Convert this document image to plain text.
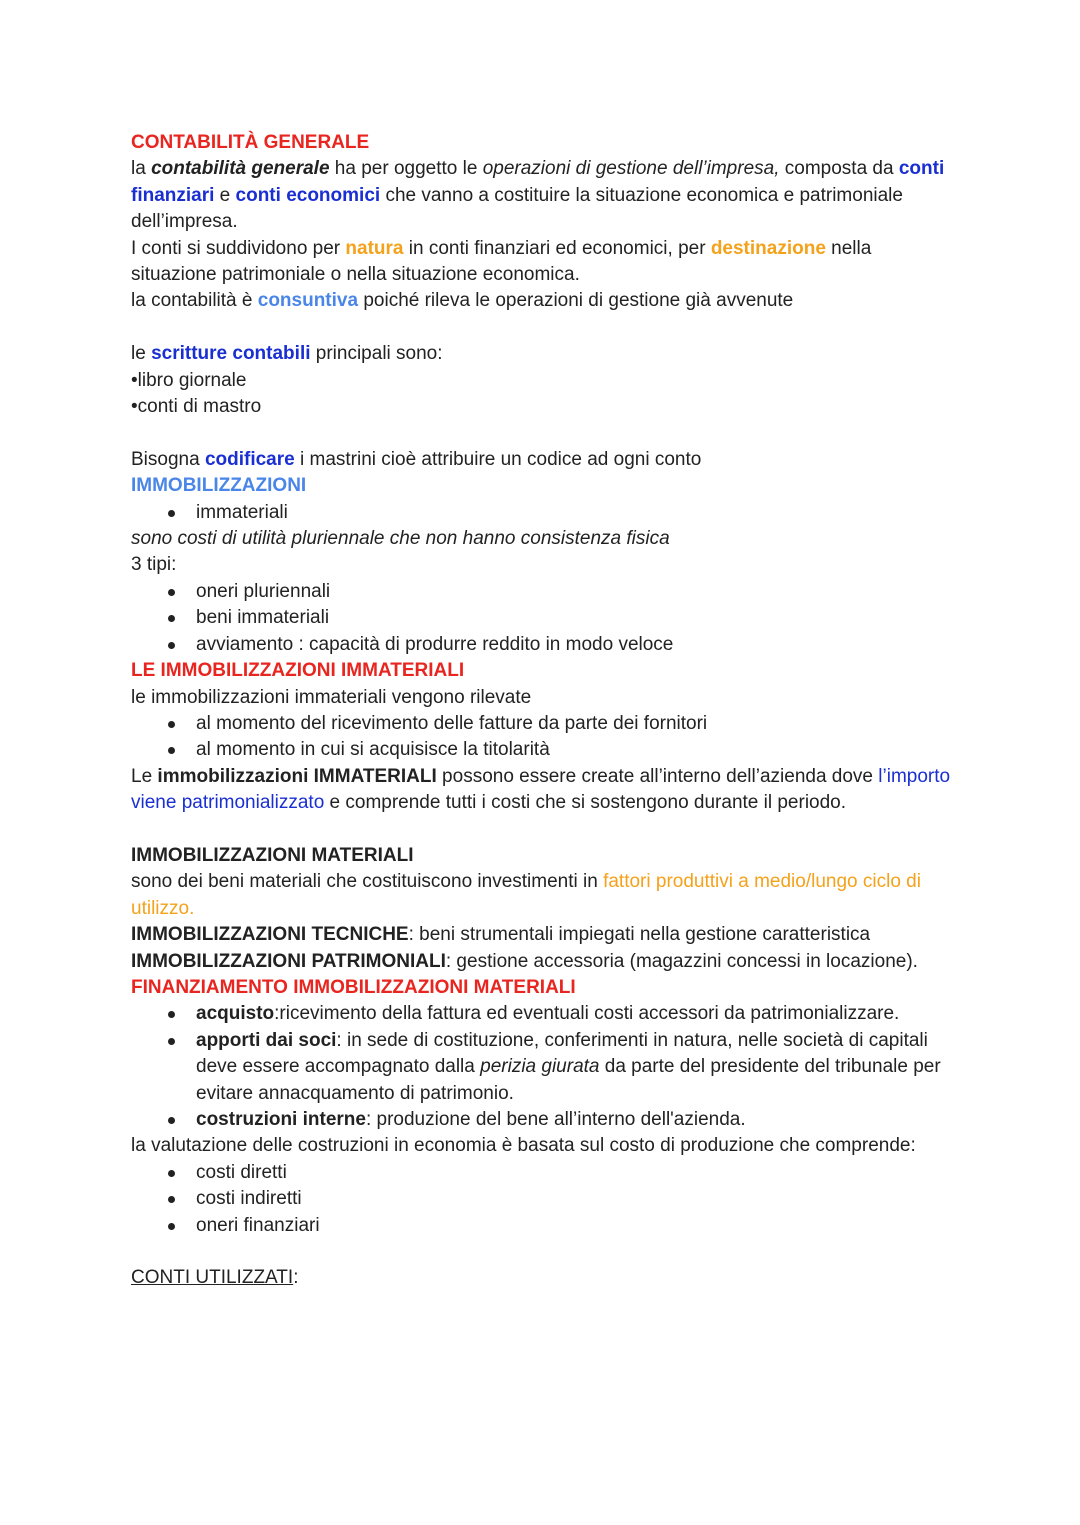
CONTABILITÀ GENERALE
la contabilità generale ha per oggetto le operazioni di gestione dell’impresa, composta da conti finanziari e conti economici che vanno a costituire la situazione economica e patrimoniale dell’impresa.
I conti si suddividono per natura in conti finanziari ed economici, per destinazione nella situazione patrimoniale o nella situazione economica.
la contabilità è consuntiva poiché rileva le operazioni di gestione già avvenute
le scritture contabili principali sono:
•libro giornale
•conti di mastro
Bisogna codificare i mastrini cioè attribuire un codice ad ogni conto
IMMOBILIZZAZIONI
immateriali
sono costi di utilità pluriennale che non hanno consistenza fisica
3 tipi:
oneri pluriennali
beni immateriali
avviamento : capacità di produrre reddito in modo veloce
LE IMMOBILIZZAZIONI IMMATERIALI
le immobilizzazioni immateriali vengono rilevate
al momento del ricevimento delle fatture da parte dei fornitori
al momento in cui si acquisisce la titolarità
Le immobilizzazioni IMMATERIALI possono essere create all’interno dell’azienda dove l’importo viene patrimonializzato e comprende tutti i costi che si sostengono durante il periodo.
IMMOBILIZZAZIONI MATERIALI
sono dei beni materiali che costituiscono investimenti in fattori produttivi a medio/lungo ciclo di utilizzo.
IMMOBILIZZAZIONI TECNICHE: beni strumentali impiegati nella gestione caratteristica
IMMOBILIZZAZIONI PATRIMONIALI: gestione accessoria (magazzini concessi in locazione).
FINANZIAMENTO IMMOBILIZZAZIONI MATERIALI
acquisto:ricevimento della fattura ed eventuali costi accessori da patrimonializzare.
apporti dai soci: in sede di costituzione, conferimenti in natura, nelle società di capitali deve essere accompagnato dalla perizia giurata da parte del presidente del tribunale per evitare annacquamento di patrimonio.
costruzioni interne: produzione del bene all’interno dell'azienda.
la valutazione delle costruzioni in economia è basata sul costo di produzione che comprende:
costi diretti
costi indiretti
oneri finanziari
CONTI UTILIZZATI:
